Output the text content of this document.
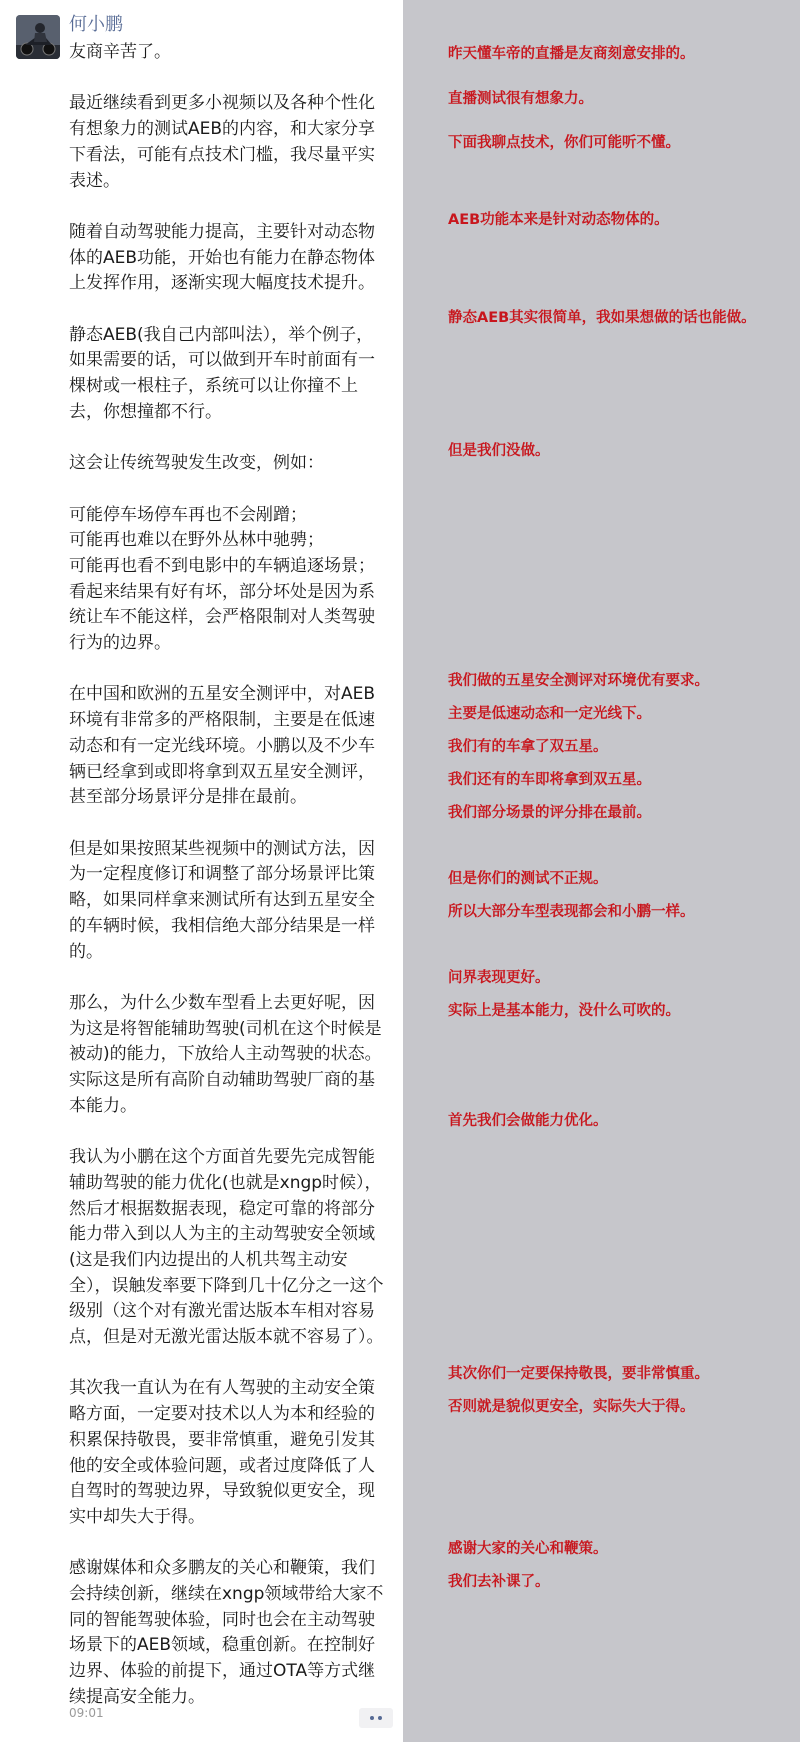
何小鹏

友商辛苦了。

最近继续看到更多小视频以及各种个性化有想象力的测试AEB的内容，和大家分享下看法，可能有点技术门槛，我尽量平实表述。

随着自动驾驶能力提高，主要针对动态物体的AEB功能，开始也有能力在静态物体上发挥作用，逐渐实现大幅度技术提升。

静态AEB(我自己内部叫法），举个例子，如果需要的话，可以做到开车时前面有一棵树或一根柱子，系统可以让你撞不上去，你想撞都不行。

这会让传统驾驶发生改变，例如：

可能停车场停车再也不会剐蹭；
可能再也难以在野外丛林中驰骋；
可能再也看不到电影中的车辆追逐场景；
看起来结果有好有坏，部分坏处是因为系统让车不能这样，会严格限制对人类驾驶行为的边界。

在中国和欧洲的五星安全测评中，对AEB环境有非常多的严格限制，主要是在低速动态和有一定光线环境。小鹏以及不少车辆已经拿到或即将拿到双五星安全测评，甚至部分场景评分是排在最前。

但是如果按照某些视频中的测试方法，因为一定程度修订和调整了部分场景评比策略，如果同样拿来测试所有达到五星安全的车辆时候，我相信绝大部分结果是一样的。

那么，为什么少数车型看上去更好呢，因为这是将智能辅助驾驶(司机在这个时候是被动)的能力，下放给人主动驾驶的状态。实际这是所有高阶自动辅助驾驶厂商的基本能力。

我认为小鹏在这个方面首先要先完成智能辅助驾驶的能力优化(也就是xngp时候），然后才根据数据表现，稳定可靠的将部分能力带入到以人为主的主动驾驶安全领域(这是我们内边提出的人机共驾主动安全），误触发率要下降到几十亿分之一这个级别（这个对有激光雷达版本车相对容易点，但是对无激光雷达版本就不容易了）。

其次我一直认为在有人驾驶的主动安全策略方面，一定要对技术以人为本和经验的积累保持敬畏，要非常慎重，避免引发其他的安全或体验问题，或者过度降低了人自驾时的驾驶边界，导致貌似更安全，现实中却失大于得。

感谢媒体和众多鹏友的关心和鞭策，我们会持续创新，继续在xngp领域带给大家不同的智能驾驶体验，同时也会在主动驾驶场景下的AEB领域，稳重创新。在控制好边界、体验的前提下，通过OTA等方式继续提高安全能力。

09:01
昨天懂车帝的直播是友商刻意安排的。
直播测试很有想象力。
下面我聊点技术，你们可能听不懂。
AEB功能本来是针对动态物体的。
静态AEB其实很简单，我如果想做的话也能做。
但是我们没做。
我们做的五星安全测评对环境优有要求。
主要是低速动态和一定光线下。
我们有的车拿了双五星。
我们还有的车即将拿到双五星。
我们部分场景的评分排在最前。
但是你们的测试不正规。
所以大部分车型表现都会和小鹏一样。
问界表现更好。
实际上是基本能力，没什么可吹的。
首先我们会做能力优化。
其次你们一定要保持敬畏，要非常慎重。
否则就是貌似更安全，实际失大于得。
感谢大家的关心和鞭策。
我们去补课了。
